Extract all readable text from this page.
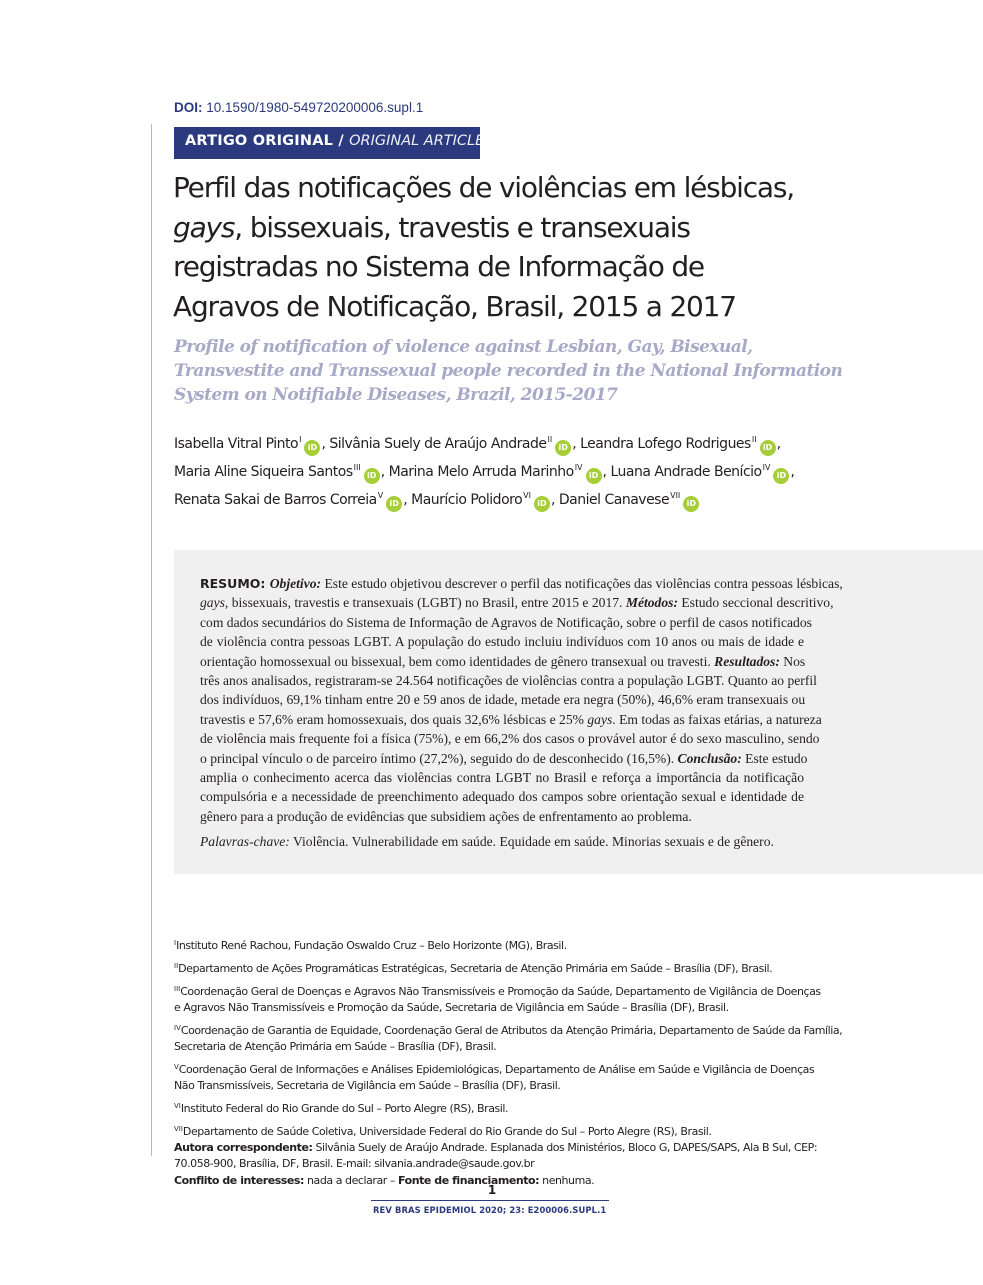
DOI: 10.1590/1980-549720200006.supl.1
ARTIGO ORIGINAL / ORIGINAL ARTICLE
Perfil das notificações de violências em lésbicas,
gays, bissexuais, travestis e transexuais
registradas no Sistema de Informação de
Agravos de Notificação, Brasil, 2015 a 2017
Profile of notification of violence against Lesbian, Gay, Bisexual,
Transvestite and Transsexual people recorded in the National Information
System on Notifiable Diseases, Brazil, 2015-2017
Isabella Vitral Pinto$^I$iD , Silvânia Suely de Araújo Andrade$^{II}$iD , Leandra Lofego Rodrigues$^{II}$iD ,
Maria Aline Siqueira Santos$^{III}$iD , Marina Melo Arruda Marinho$^{IV}$iD , Luana Andrade Benício$^{IV}$iD ,
Renata Sakai de Barros Correia$^V$iD , Maurício Polidoro$^{VI}$iD , Daniel Canavese$^{VII}$iD
RESUMO: Objetivo: Este estudo objetivou descrever o perfil das notificações das violências contra pessoas lésbicas,
gays, bissexuais, travestis e transexuais (LGBT) no Brasil, entre 2015 e 2017. Métodos: Estudo seccional descritivo,
com dados secundários do Sistema de Informação de Agravos de Notificação, sobre o perfil de casos notificados
de violência contra pessoas LGBT. A população do estudo incluiu indivíduos com 10 anos ou mais de idade e
orientação homossexual ou bissexual, bem como identidades de gênero transexual ou travesti. Resultados: Nos
três anos analisados, registraram-se 24.564 notificações de violências contra a população LGBT. Quanto ao perfil
dos indivíduos, 69,1% tinham entre 20 e 59 anos de idade, metade era negra (50%), 46,6% eram transexuais ou
travestis e 57,6% eram homossexuais, dos quais 32,6% lésbicas e 25% gays. Em todas as faixas etárias, a natureza
de violência mais frequente foi a física (75%), e em 66,2% dos casos o provável autor é do sexo masculino, sendo
o principal vínculo o de parceiro íntimo (27,2%), seguido do de desconhecido (16,5%). Conclusão: Este estudo
amplia o conhecimento acerca das violências contra LGBT no Brasil e reforça a importância da notificação
compulsória e a necessidade de preenchimento adequado dos campos sobre orientação sexual e identidade de
gênero para a produção de evidências que subsidiem ações de enfrentamento ao problema.
Palavras-chave: Violência. Vulnerabilidade em saúde. Equidade em saúde. Minorias sexuais e de gênero.
$^I$Instituto René Rachou, Fundação Oswaldo Cruz – Belo Horizonte (MG), Brasil.
$^{II}$Departamento de Ações Programáticas Estratégicas, Secretaria de Atenção Primária em Saúde – Brasília (DF), Brasil.
$^{III}$Coordenação Geral de Doenças e Agravos Não Transmissíveis e Promoção da Saúde, Departamento de Vigilância de Doenças
e Agravos Não Transmissíveis e Promoção da Saúde, Secretaria de Vigilância em Saúde – Brasília (DF), Brasil.
$^{IV}$Coordenação de Garantia de Equidade, Coordenação Geral de Atributos da Atenção Primária, Departamento de Saúde da Família,
Secretaria de Atenção Primária em Saúde – Brasília (DF), Brasil.
$^V$Coordenação Geral de Informações e Análises Epidemiológicas, Departamento de Análise em Saúde e Vigilância de Doenças
Não Transmissíveis, Secretaria de Vigilância em Saúde – Brasília (DF), Brasil.
$^{VI}$Instituto Federal do Rio Grande do Sul – Porto Alegre (RS), Brasil.
$^{VII}$Departamento de Saúde Coletiva, Universidade Federal do Rio Grande do Sul – Porto Alegre (RS), Brasil.
Autora correspondente: Silvânia Suely de Araújo Andrade. Esplanada dos Ministérios, Bloco G, DAPES/SAPS, Ala B Sul, CEP:
70.058-900, Brasília, DF, Brasil. E-mail: silvania.andrade@saude.gov.br
Conflito de interesses: nada a declarar – Fonte de financiamento: nenhuma.
1
REV BRAS EPIDEMIOL 2020; 23: E200006.SUPL.1
